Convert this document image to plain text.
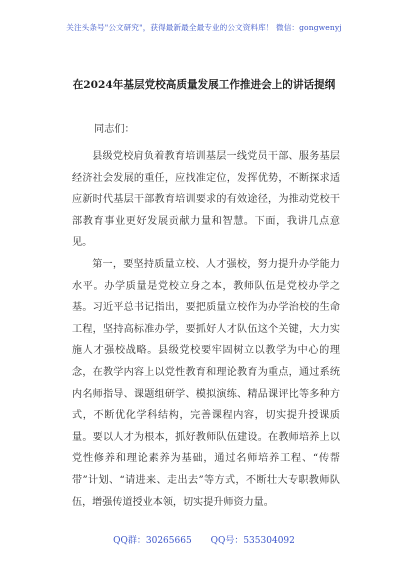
关注头条号"公文研究"，获得最新最全最专业的公文资料库！ 微信：gongwenyj
在2024年基层党校高质量发展工作推进会上的讲话提纲
同志们：

县级党校肩负着教育培训基层一线党员干部、服务基层经济社会发展的重任，应找准定位，发挥优势，不断探求适应新时代基层干部教育培训要求的有效途径，为推动党校干部教育事业更好发展贡献力量和智慧。下面，我讲几点意见。

第一，要坚持质量立校、人才强校，努力提升办学能力水平。办学质量是党校立身之本，教师队伍是党校办学之基。习近平总书记指出，要把质量立校作为办学治校的生命工程，坚持高标准办学，要抓好人才队伍这个关键，大力实施人才强校战略。县级党校要牢固树立以教学为中心的理念，在教学内容上以党性教育和理论教育为重点，通过系统内名师指导、课题组研学、模拟演练、精品课评比等多种方式，不断优化学科结构，完善课程内容，切实提升授课质量。要以人才为根本，抓好教师队伍建设。在教师培养上以党性修养和理论素养为基础，通过名师培养工程、“传帮带”计划、“请进来、走出去”等方式，不断壮大专职教师队伍，增强传道授业本领，切实提升师资力量。

QQ群：30265665 QQ号：535304092
